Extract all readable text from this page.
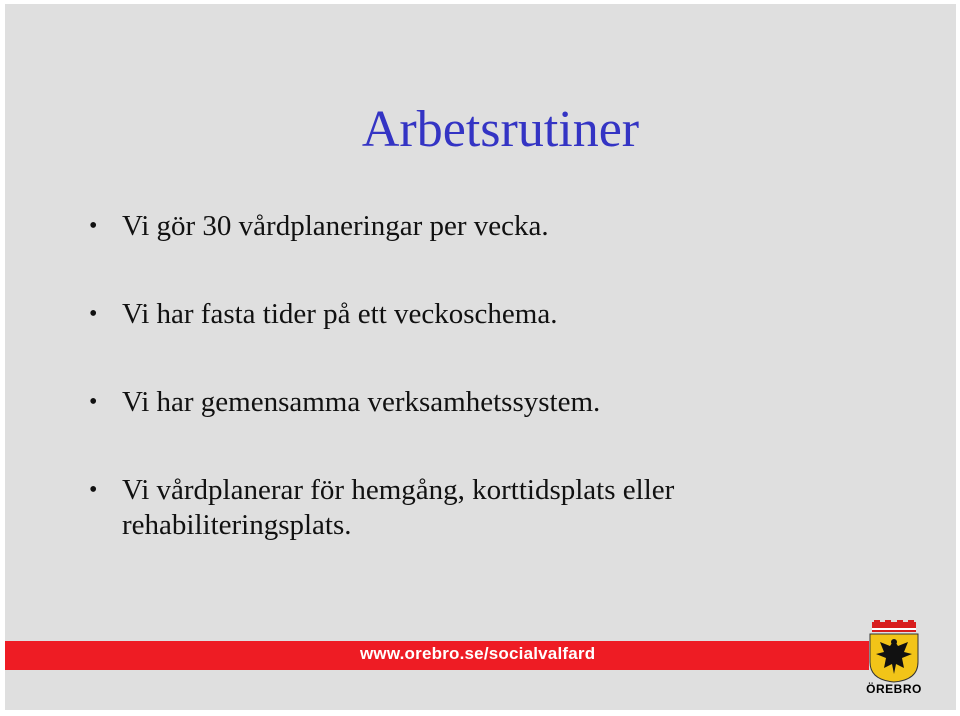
Arbetsrutiner
• Vi gör 30 vårdplaneringar per vecka.
• Vi har fasta tider på ett veckoschema.
• Vi har gemensamma verksamhetssystem.
• Vi vårdplanerar för hemgång, korttidsplats eller rehabiliteringsplats.
www.orebro.se/socialvalfard
ÖREBRO
